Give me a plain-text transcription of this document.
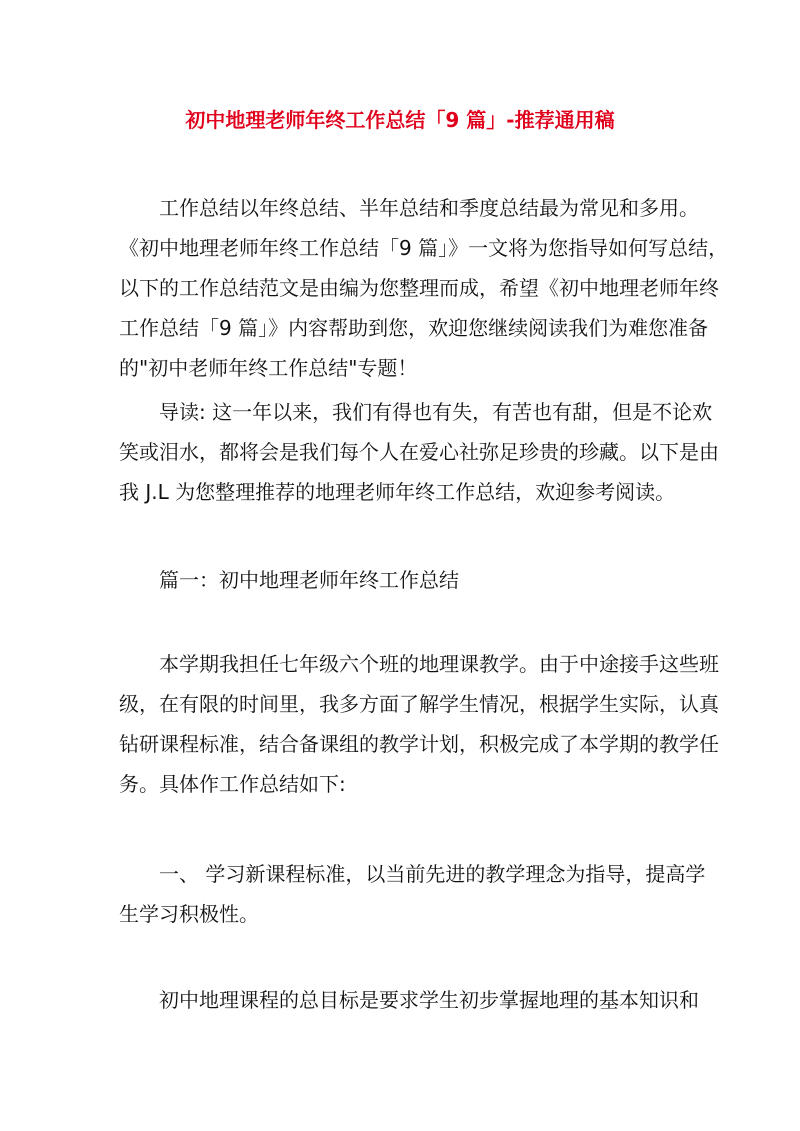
初中地理老师年终工作总结「9 篇」-推荐通用稿
工作总结以年终总结、半年总结和季度总结最为常见和多用。
《初中地理老师年终工作总结「9 篇」》一文将为您指导如何写总结，
以下的工作总结范文是由编为您整理而成，希望《初中地理老师年终
工作总结「9 篇」》内容帮助到您，欢迎您继续阅读我们为难您准备
的"初中老师年终工作总结"专题！
导读: 这一年以来，我们有得也有失，有苦也有甜，但是不论欢
笑或泪水，都将会是我们每个人在爱心社弥足珍贵的珍藏。以下是由
我 J.L 为您整理推荐的地理老师年终工作总结，欢迎参考阅读。
篇一：初中地理老师年终工作总结
本学期我担任七年级六个班的地理课教学。由于中途接手这些班
级，在有限的时间里，我多方面了解学生情况，根据学生实际，认真
钻研课程标准，结合备课组的教学计划，积极完成了本学期的教学任
务。具体作工作总结如下:
一、 学习新课程标准，以当前先进的教学理念为指导，提高学
生学习积极性。
初中地理课程的总目标是要求学生初步掌握地理的基本知识和
